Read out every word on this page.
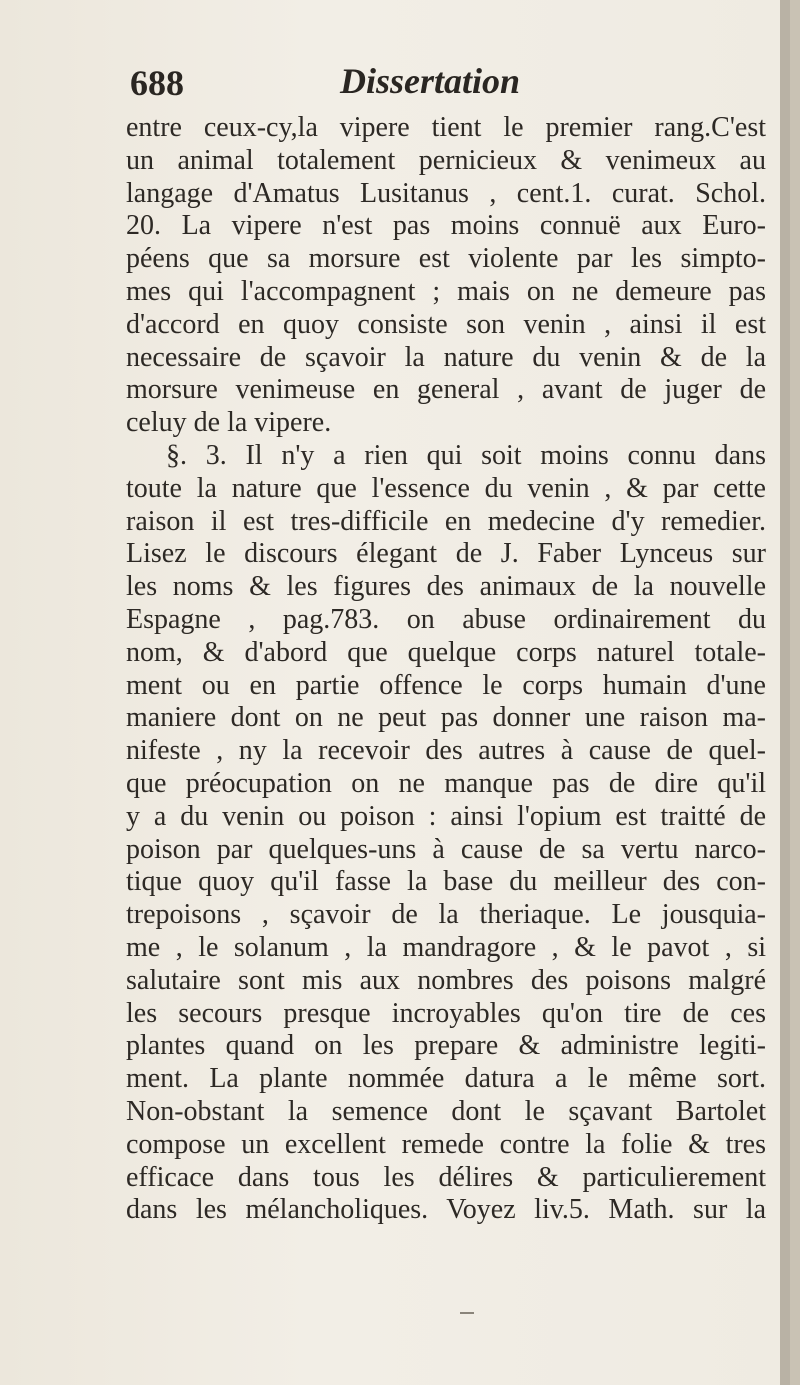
688	Dissertation
entre ceux-cy,la vipere tient le premier rang.C'est
un animal totalement pernicieux & venimeux au
langage d'Amatus Lusitanus , cent.1. curat. Schol.
20. La vipere n'est pas moins connuë aux Euro-
péens que sa morsure est violente par les simpto-
mes qui l'accompagnent ; mais on ne demeure pas
d'accord en quoy consiste son venin , ainsi il est
necessaire de sçavoir la nature du venin & de la
morsure venimeuse en general , avant de juger de
celuy de la vipere.
§. 3. Il n'y a rien qui soit moins connu dans
toute la nature que l'essence du venin , & par cette
raison il est tres-difficile en medecine d'y remedier.
Lisez le discours élegant de J. Faber Lynceus sur
les noms & les figures des animaux de la nouvelle
Espagne , pag.783. on abuse ordinairement du
nom, & d'abord que quelque corps naturel totale-
ment ou en partie offence le corps humain d'une
maniere dont on ne peut pas donner une raison ma-
nifeste , ny la recevoir des autres à cause de quel-
que préocupation on ne manque pas de dire qu'il
y a du venin ou poison : ainsi l'opium est traitté de
poison par quelques-uns à cause de sa vertu narco-
tique quoy qu'il fasse la base du meilleur des con-
trepoisons , sçavoir de la theriaque. Le jousquia-
me , le solanum , la mandragore , & le pavot , si
salutaire sont mis aux nombres des poisons malgré
les secours presque incroyables qu'on tire de ces
plantes quand on les prepare & administre legiti-
ment. La plante nommée datura a le même sort.
Non-obstant la semence dont le sçavant Bartolet
compose un excellent remede contre la folie & tres
efficace dans tous les délires & particulierement
dans les mélancholiques. Voyez liv.5. Math. sur la
